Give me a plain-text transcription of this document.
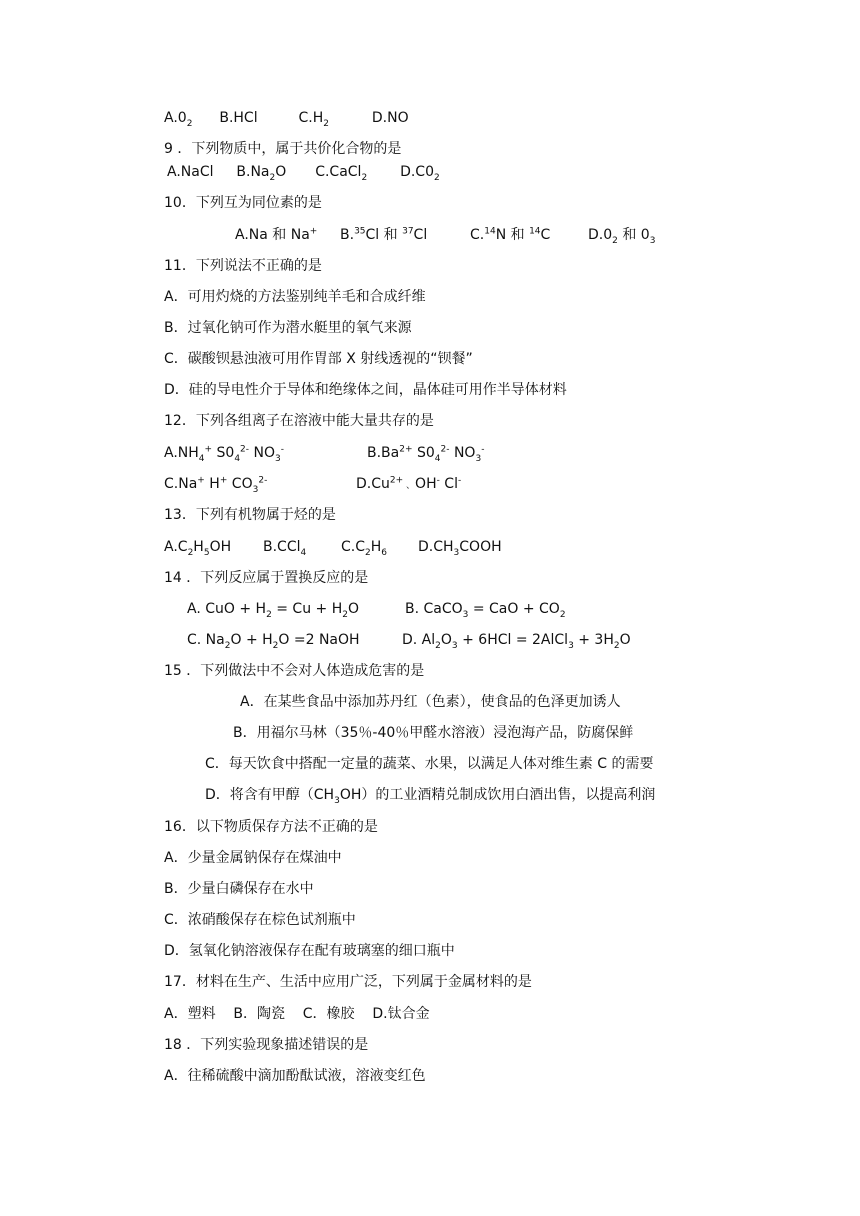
$A.0_2$ B.HCl	$C.H_2$	D.NO
9 ．下列物质中，属于共价化合物的是
A.NaCl $B.Na_2O$ C.CaCl$_2$ $D.C0_2$
10．下列互为同位素的是
A.Na 和 Na+ B.$^{35}$Cl 和 $^{37}$Cl	C.$^{14}$N 和 $^{14}$C	$D.0_2$ 和 $0_3$
11．下列说法不正确的是
A．可用灼烧的方法鉴别纯羊毛和合成纤维
B．过氧化钠可作为潜水艇里的氧气来源
C．碳酸钡悬浊液可用作胃部 X 射线透视的“钡餐”
D．硅的导电性介于导体和绝缘体之间，晶体硅可用作半导体材料
12．下列各组离子在溶液中能大量共存的是
$A.NH_4^+$ $S0_4^{2-}$ $NO_3^-$	$B.Ba^{2+}$ $S0_4^{2-}$ $NO_3^-$
C.Na+ H+ $CO_3^{2-}$	$D.Cu^{2+}$ 、OH- Cl-
13．下列有机物属于烃的是
$A.C_2H_5OH$ B.CCl$_4$ $C.C_2H_6$ $D.CH_3COOH$
14 ．下列反应属于置换反应的是
A. CuO + $H_2 = Cu + H_2O$	B. CaCO$_3$ = CaO + $CO_2$
C. $Na_2O + H_2O =2$ NaOH	D. $Al_2O_3 + 6HCl$ = 2AlCl$_3$ + $3H_2O$
15 ．下列做法中不会对人体造成危害的是
A．在某些食品中添加苏丹红（色素），使食品的色泽更加诱人
B．用福尔马林（35％-40％甲醛水溶液）浸泡海产品，防腐保鲜
C．每天饮食中搭配一定量的蔬菜、水果，以满足人体对维生素 C 的需要
D．将含有甲醇$(CH_3OH)$的工业酒精兑制成饮用白酒出售，以提高利润
16．以下物质保存方法不正确的是
A．少量金属钠保存在煤油中
B．少量白磷保存在水中
C．浓硝酸保存在棕色试剂瓶中
D．氢氧化钠溶液保存在配有玻璃塞的细口瓶中
17．材料在生产、生活中应用广泛，下列属于金属材料的是
A．塑料    B．陶瓷    C．橡胶    D.钛合金
18 ．下列实验现象描述错误的是
A．往稀硫酸中滴加酚酞试液，溶液变红色
